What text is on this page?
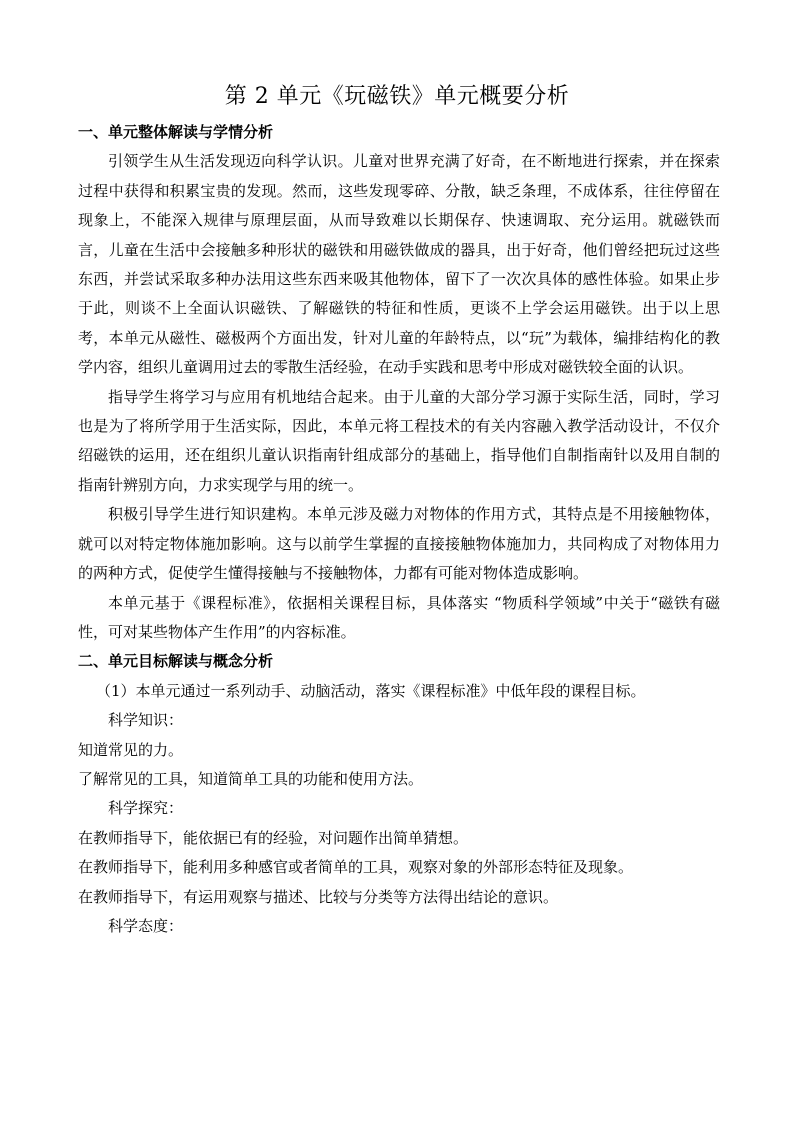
第 2 单元《玩磁铁》单元概要分析

一、单元整体解读与学情分析

引领学生从生活发现迈向科学认识。儿童对世界充满了好奇，在不断地进行探索，并在探索过程中获得和积累宝贵的发现。然而，这些发现零碎、分散，缺乏条理，不成体系，往往停留在现象上，不能深入规律与原理层面，从而导致难以长期保存、快速调取、充分运用。就磁铁而言，儿童在生活中会接触多种形状的磁铁和用磁铁做成的器具，出于好奇，他们曾经把玩过这些东西，并尝试采取多种办法用这些东西来吸其他物体，留下了一次次具体的感性体验。如果止步于此，则谈不上全面认识磁铁、了解磁铁的特征和性质，更谈不上学会运用磁铁。出于以上思考，本单元从磁性、磁极两个方面出发，针对儿童的年龄特点，以“玩”为载体，编排结构化的教学内容，组织儿童调用过去的零散生活经验，在动手实践和思考中形成对磁铁较全面的认识。

指导学生将学习与应用有机地结合起来。由于儿童的大部分学习源于实际生活，同时，学习也是为了将所学用于生活实际，因此，本单元将工程技术的有关内容融入教学活动设计，不仅介绍磁铁的运用，还在组织儿童认识指南针组成部分的基础上，指导他们自制指南针以及用自制的指南针辨别方向，力求实现学与用的统一。

积极引导学生进行知识建构。本单元涉及磁力对物体的作用方式，其特点是不用接触物体，就可以对特定物体施加影响。这与以前学生掌握的直接接触物体施加力，共同构成了对物体用力的两种方式，促使学生懂得接触与不接触物体，力都有可能对物体造成影响。

本单元基于《课程标准》，依据相关课程目标，具体落实 “物质科学领域”中关于“磁铁有磁性，可对某些物体产生作用”的内容标准。

二、单元目标解读与概念分析

（1）本单元通过一系列动手、动脑活动，落实《课程标准》中低年段的课程目标。

科学知识：

知道常见的力。

了解常见的工具，知道简单工具的功能和使用方法。

科学探究：

在教师指导下，能依据已有的经验，对问题作出简单猜想。

在教师指导下，能利用多种感官或者简单的工具，观察对象的外部形态特征及现象。

在教师指导下，有运用观察与描述、比较与分类等方法得出结论的意识。

科学态度：
